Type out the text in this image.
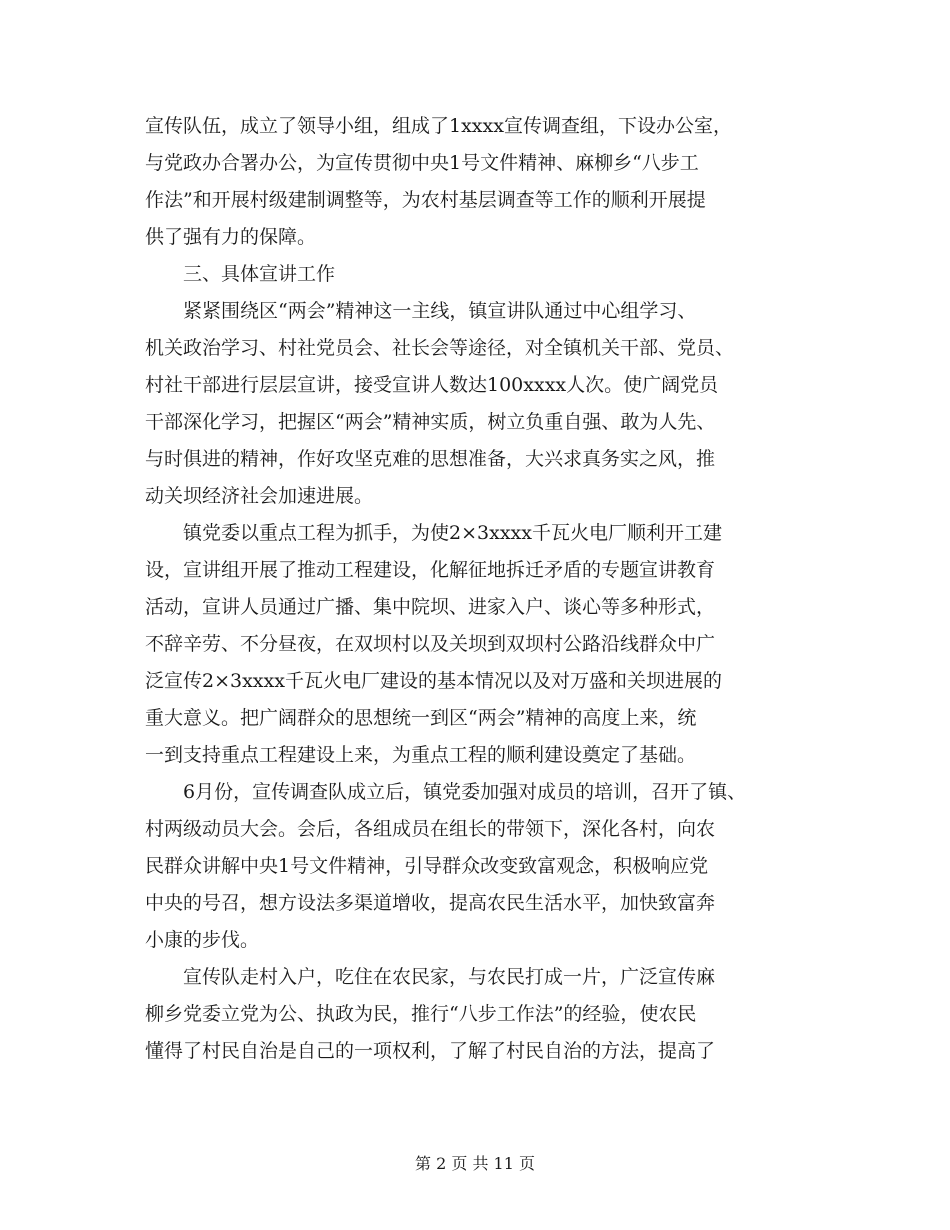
宣传队伍，成立了领导小组，组成了1xxxx宣传调查组，下设办公室，
与党政办合署办公，为宣传贯彻中央1号文件精神、麻柳乡“八步工
作法”和开展村级建制调整等，为农村基层调查等工作的顺利开展提
供了强有力的保障。
　　三、具体宣讲工作
　　紧紧围绕区“两会”精神这一主线，镇宣讲队通过中心组学习、
机关政治学习、村社党员会、社长会等途径，对全镇机关干部、党员、
村社干部进行层层宣讲，接受宣讲人数达100xxxx人次。使广阔党员
干部深化学习，把握区“两会”精神实质，树立负重自强、敢为人先、
与时俱进的精神，作好攻坚克难的思想准备，大兴求真务实之风，推
动关坝经济社会加速进展。
　　镇党委以重点工程为抓手，为使2×3xxxx千瓦火电厂顺利开工建
设，宣讲组开展了推动工程建设，化解征地拆迁矛盾的专题宣讲教育
活动，宣讲人员通过广播、集中院坝、进家入户、谈心等多种形式，
不辞辛劳、不分昼夜，在双坝村以及关坝到双坝村公路沿线群众中广
泛宣传2×3xxxx千瓦火电厂建设的基本情况以及对万盛和关坝进展的
重大意义。把广阔群众的思想统一到区“两会”精神的高度上来，统
一到支持重点工程建设上来，为重点工程的顺利建设奠定了基础。
　　6月份，宣传调查队成立后，镇党委加强对成员的培训，召开了镇、
村两级动员大会。会后，各组成员在组长的带领下，深化各村，向农
民群众讲解中央1号文件精神，引导群众改变致富观念，积极响应党
中央的号召，想方设法多渠道增收，提高农民生活水平，加快致富奔
小康的步伐。
　　宣传队走村入户，吃住在农民家，与农民打成一片，广泛宣传麻
柳乡党委立党为公、执政为民，推行“八步工作法”的经验，使农民
懂得了村民自治是自己的一项权利，了解了村民自治的方法，提高了
第 2 页 共 11 页
